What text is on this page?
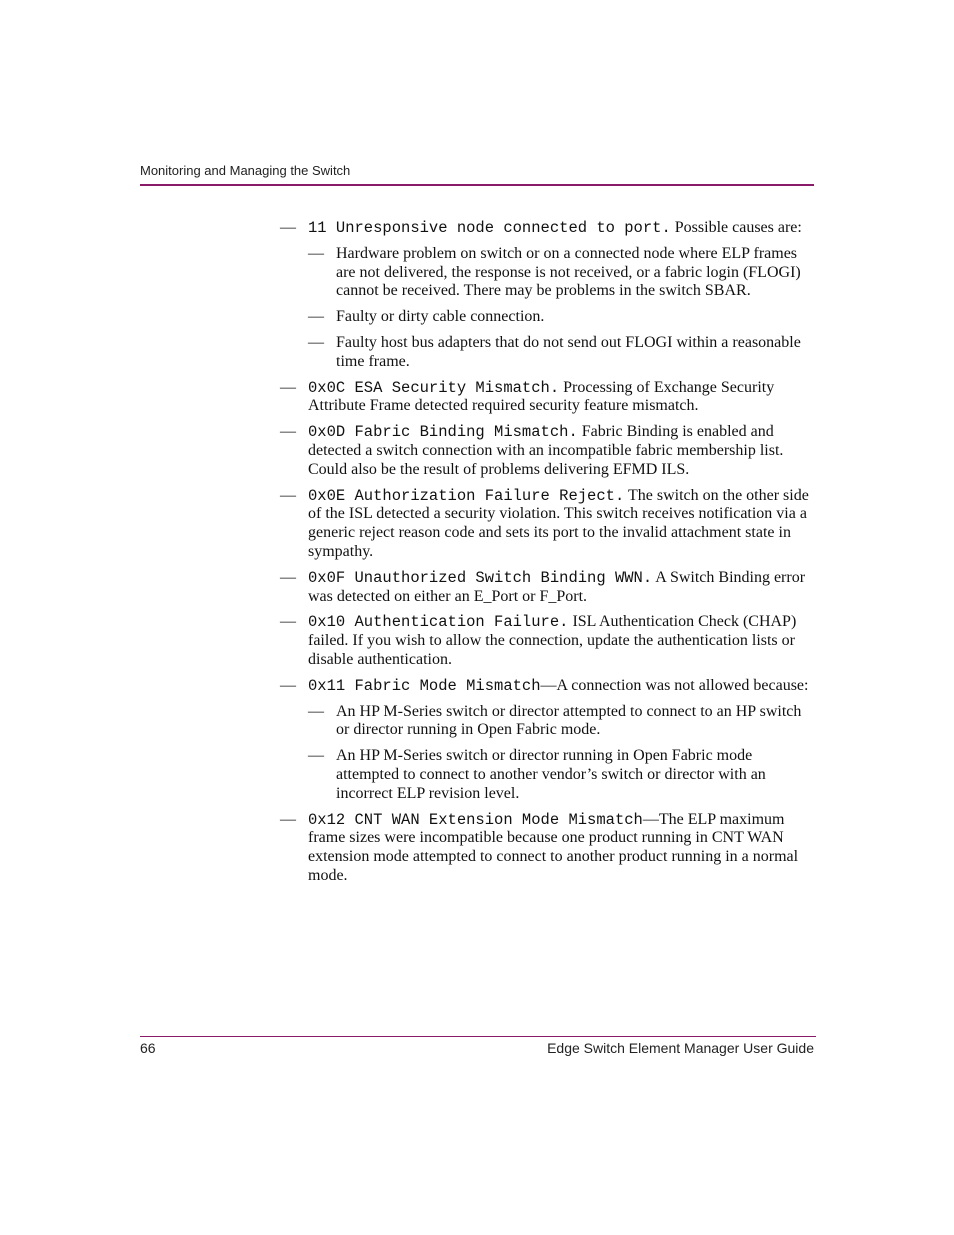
Monitoring and Managing the Switch
— 11 Unresponsive node connected to port. Possible causes are:
— Hardware problem on switch or on a connected node where ELP frames are not delivered, the response is not received, or a fabric login (FLOGI) cannot be received. There may be problems in the switch SBAR.
— Faulty or dirty cable connection.
— Faulty host bus adapters that do not send out FLOGI within a reasonable time frame.
— 0x0C ESA Security Mismatch. Processing of Exchange Security Attribute Frame detected required security feature mismatch.
— 0x0D Fabric Binding Mismatch. Fabric Binding is enabled and detected a switch connection with an incompatible fabric membership list. Could also be the result of problems delivering EFMD ILS.
— 0x0E Authorization Failure Reject. The switch on the other side of the ISL detected a security violation. This switch receives notification via a generic reject reason code and sets its port to the invalid attachment state in sympathy.
— 0x0F Unauthorized Switch Binding WWN. A Switch Binding error was detected on either an E_Port or F_Port.
— 0x10 Authentication Failure. ISL Authentication Check (CHAP) failed. If you wish to allow the connection, update the authentication lists or disable authentication.
— 0x11 Fabric Mode Mismatch—A connection was not allowed because:
— An HP M-Series switch or director attempted to connect to an HP switch or director running in Open Fabric mode.
— An HP M-Series switch or director running in Open Fabric mode attempted to connect to another vendor’s switch or director with an incorrect ELP revision level.
— 0x12 CNT WAN Extension Mode Mismatch—The ELP maximum frame sizes were incompatible because one product running in CNT WAN extension mode attempted to connect to another product running in a normal mode.
66	Edge Switch Element Manager User Guide
